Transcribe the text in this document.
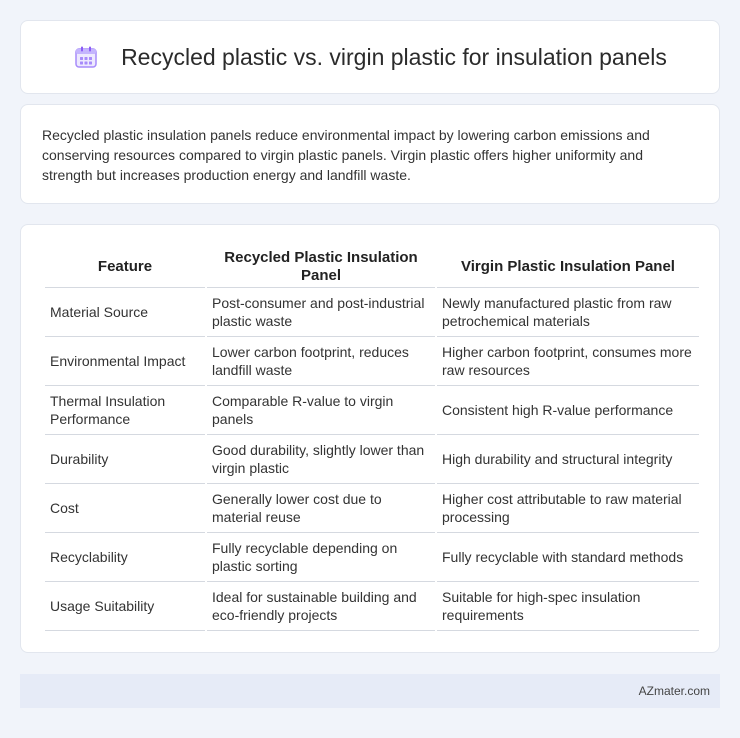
Recycled plastic vs. virgin plastic for insulation panels

Recycled plastic insulation panels reduce environmental impact by lowering carbon emissions and conserving resources compared to virgin plastic panels. Virgin plastic offers higher uniformity and strength but increases production energy and landfill waste.

Feature	Recycled Plastic Insulation Panel	Virgin Plastic Insulation Panel
Material Source	Post-consumer and post-industrial plastic waste	Newly manufactured plastic from raw petrochemical materials
Environmental Impact	Lower carbon footprint, reduces landfill waste	Higher carbon footprint, consumes more raw resources
Thermal Insulation Performance	Comparable R-value to virgin panels	Consistent high R-value performance
Durability	Good durability, slightly lower than virgin plastic	High durability and structural integrity
Cost	Generally lower cost due to material reuse	Higher cost attributable to raw material processing
Recyclability	Fully recyclable depending on plastic sorting	Fully recyclable with standard methods
Usage Suitability	Ideal for sustainable building and eco-friendly projects	Suitable for high-spec insulation requirements
AZmater.com
